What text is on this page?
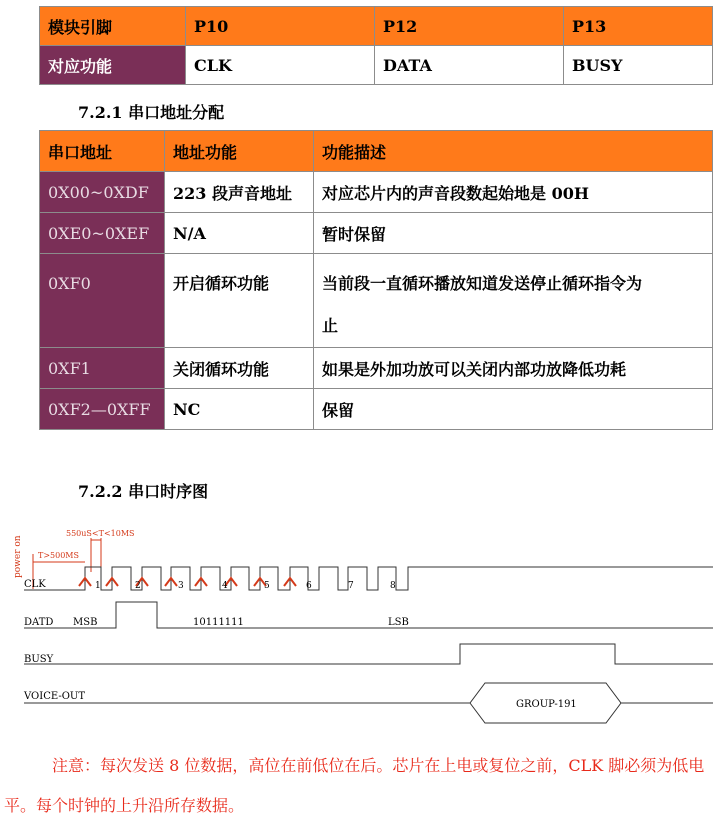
模块引脚	P10	P12	P13
对应功能	CLK	DATA	BUSY
7.2.1 串口地址分配
串口地址	地址功能	功能描述
0X00~0XDF	223 段声音地址	对应芯片内的声音段数起始地是 00H
0XE0~0XEF	N/A	暂时保留

0XF0	开启循环功能	当前段一直循环播放知道发送停止循环指令为
止

0XF1	关闭循环功能	如果是外加功放可以关闭内部功放降低功耗
0XF2—0XFF	NC	保留
7.2.2 串口时序图
power on
550uS<T<10MS
T>500MS
CLK
DATD
BUSY
VOICE-OUT
1	2	3	4	5	6	7	8
MSB	10111111	LSB
GROUP-191
注意：每次发送 8 位数据，高位在前低位在后。芯片在上电或复位之前，CLK 脚必须为低电平。每个时钟的上升沿所存数据。
